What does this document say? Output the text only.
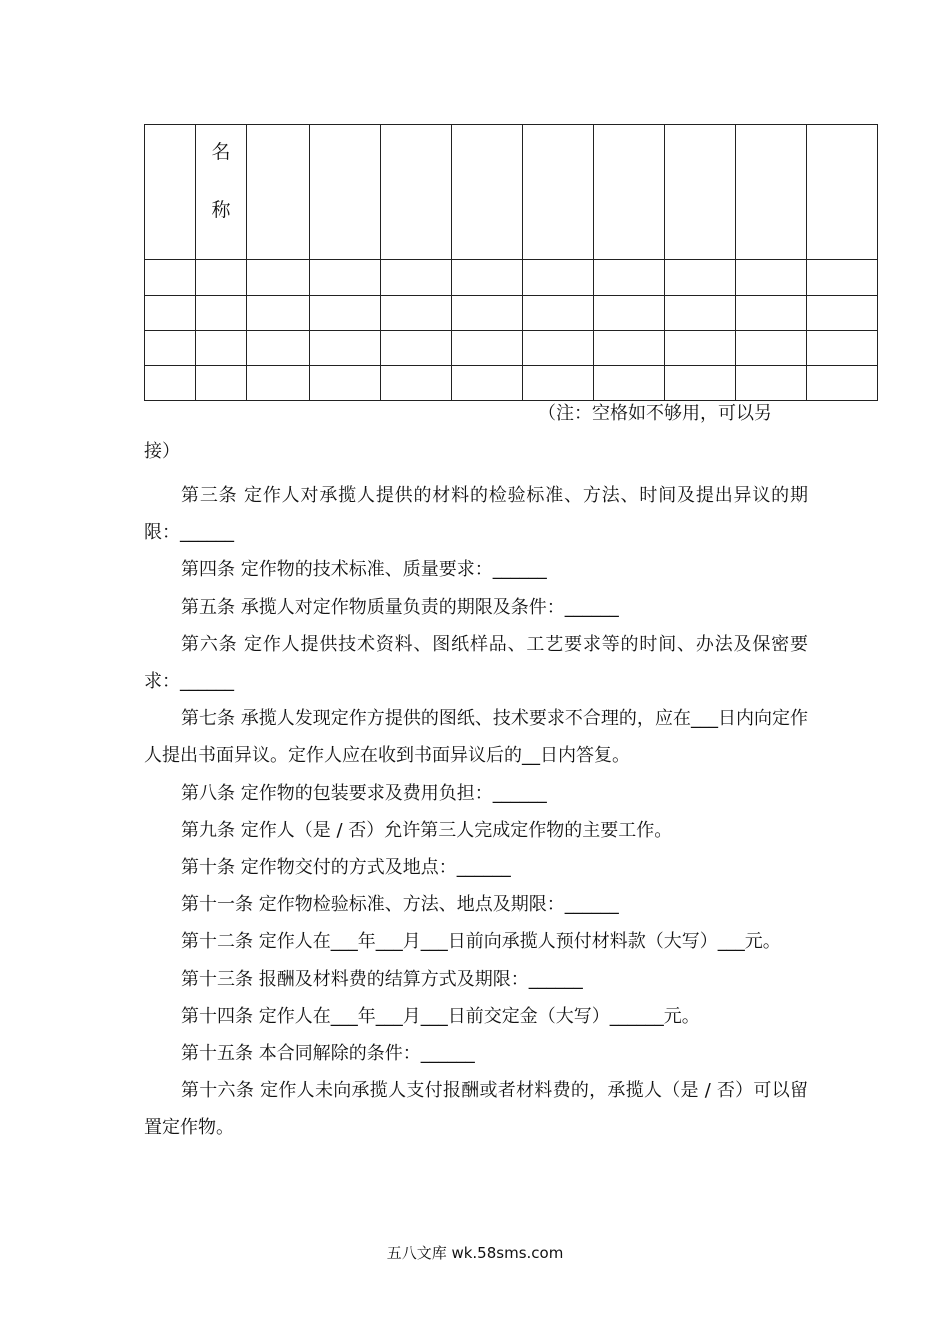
	名
称									

（注：空格如不够用，可以另
接）

第三条 定作人对承揽人提供的材料的检验标准、方法、时间及提出异议的期限：______

第四条 定作物的技术标准、质量要求：______

第五条 承揽人对定作物质量负责的期限及条件：______

第六条 定作人提供技术资料、图纸样品、工艺要求等的时间、办法及保密要求：______

第七条 承揽人发现定作方提供的图纸、技术要求不合理的，应在___日内向定作人提出书面异议。定作人应在收到书面异议后的__日内答复。

第八条 定作物的包装要求及费用负担：______

第九条 定作人（是 / 否）允许第三人完成定作物的主要工作。

第十条 定作物交付的方式及地点：______

第十一条 定作物检验标准、方法、地点及期限：______

第十二条 定作人在___年___月___日前向承揽人预付材料款（大写）___元。

第十三条 报酬及材料费的结算方式及期限：______

第十四条 定作人在___年___月___日前交定金（大写）______元。

第十五条 本合同解除的条件：______

第十六条 定作人未向承揽人支付报酬或者材料费的，承揽人（是 / 否）可以留置定作物。

五八文库 wk.58sms.com
